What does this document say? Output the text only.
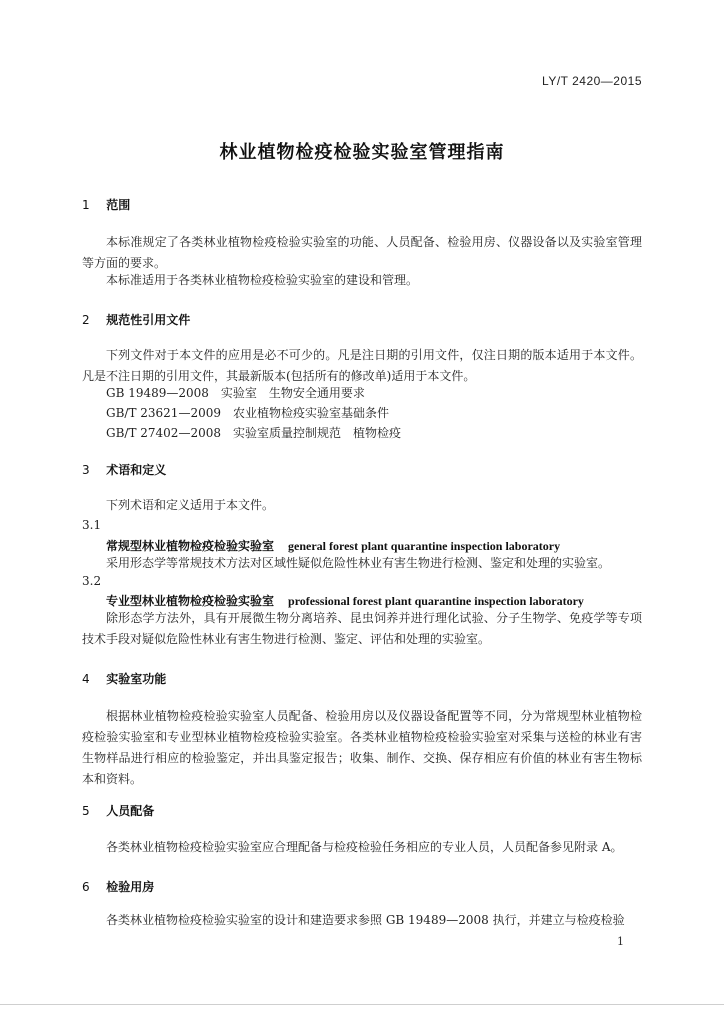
LY/T 2420—2015
林业植物检疫检验实验室管理指南
1 范围
本标准规定了各类林业植物检疫检验实验室的功能、人员配备、检验用房、仪器设备以及实验室管理等方面的要求。
本标准适用于各类林业植物检疫检验实验室的建设和管理。
2 规范性引用文件
下列文件对于本文件的应用是必不可少的。凡是注日期的引用文件，仅注日期的版本适用于本文件。凡是不注日期的引用文件，其最新版本(包括所有的修改单)适用于本文件。
GB 19489—2008　实验室　生物安全通用要求
GB/T 23621—2009　农业植物检疫实验室基础条件
GB/T 27402—2008　实验室质量控制规范　植物检疫
3 术语和定义
下列术语和定义适用于本文件。
3.1
常规型林业植物检疫检验实验室 general forest plant quarantine inspection laboratory
采用形态学等常规技术方法对区域性疑似危险性林业有害生物进行检测、鉴定和处理的实验室。
3.2
专业型林业植物检疫检验实验室 professional forest plant quarantine inspection laboratory
除形态学方法外，具有开展微生物分离培养、昆虫饲养并进行理化试验、分子生物学、免疫学等专项技术手段对疑似危险性林业有害生物进行检测、鉴定、评估和处理的实验室。
4 实验室功能
根据林业植物检疫检验实验室人员配备、检验用房以及仪器设备配置等不同，分为常规型林业植物检疫检验实验室和专业型林业植物检疫检验实验室。各类林业植物检疫检验实验室对采集与送检的林业有害生物样品进行相应的检验鉴定，并出具鉴定报告；收集、制作、交换、保存相应有价值的林业有害生物标本和资料。
5 人员配备
各类林业植物检疫检验实验室应合理配备与检疫检验任务相应的专业人员，人员配备参见附录 A。
6 检验用房
各类林业植物检疫检验实验室的设计和建造要求参照 GB 19489—2008 执行，并建立与检疫检验
1
